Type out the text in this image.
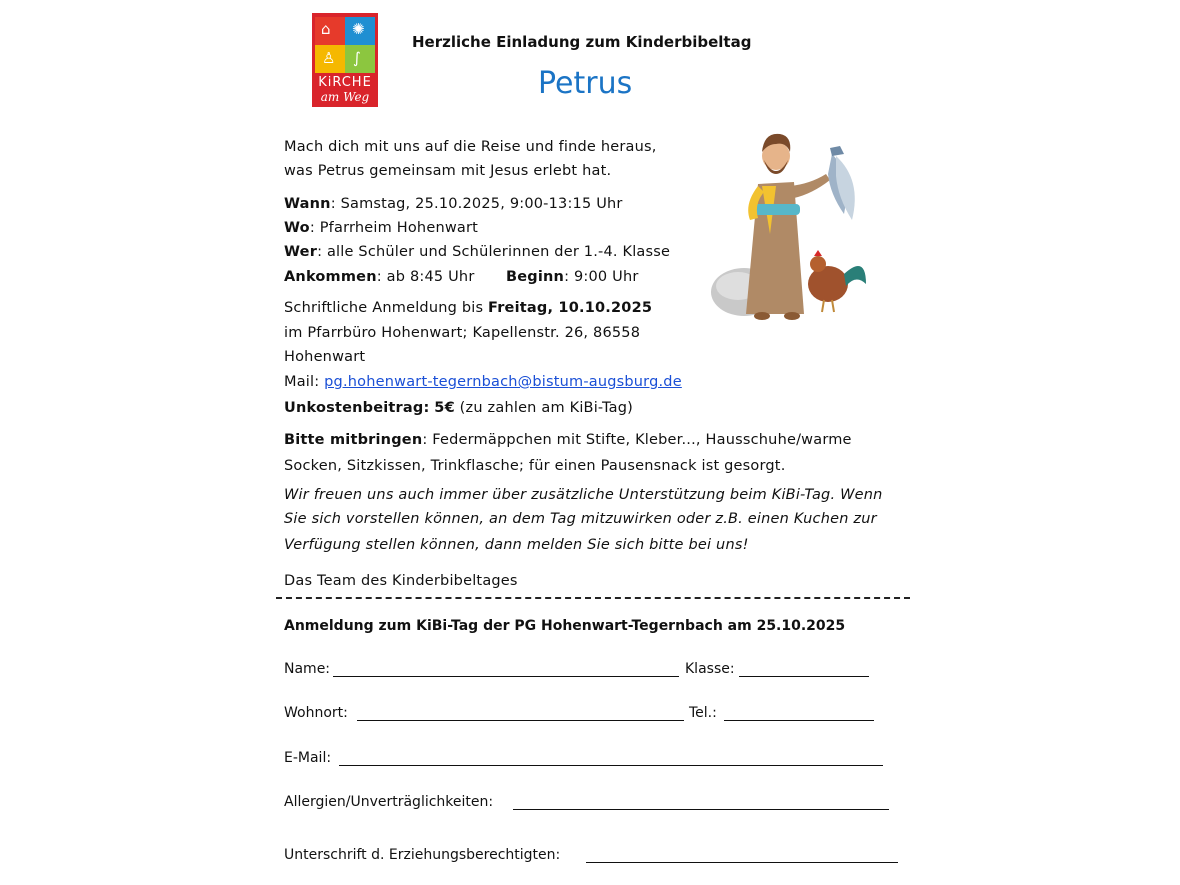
⌂ ✺
♙ ∫
KiRCHE
am Weg
Herzliche Einladung zum Kinderbibeltag
Petrus
Mach dich mit uns auf die Reise und finde heraus,
was Petrus gemeinsam mit Jesus erlebt hat.
Wann: Samstag, 25.10.2025, 9:00-13:15 Uhr
Wo: Pfarrheim Hohenwart
Wer: alle Schüler und Schülerinnen der 1.-4. Klasse
Ankommen: ab 8:45 Uhr Beginn: 9:00 Uhr
Schriftliche Anmeldung bis Freitag, 10.10.2025
im Pfarrbüro Hohenwart; Kapellenstr. 26, 86558
Hohenwart
Mail: pg.hohenwart-tegernbach@bistum-augsburg.de
Unkostenbeitrag: 5€ (zu zahlen am KiBi-Tag)
Bitte mitbringen: Federmäppchen mit Stifte, Kleber..., Hausschuhe/warme
Socken, Sitzkissen, Trinkflasche; für einen Pausensnack ist gesorgt.
Wir freuen uns auch immer über zusätzliche Unterstützung beim KiBi-Tag. Wenn
Sie sich vorstellen können, an dem Tag mitzuwirken oder z.B. einen Kuchen zur
Verfügung stellen können, dann melden Sie sich bitte bei uns!
Das Team des Kinderbibeltages
Anmeldung zum KiBi-Tag der PG Hohenwart-Tegernbach am 25.10.2025
Name:	Klasse:
Wohnort:	Tel.:
E-Mail:
Allergien/Unverträglichkeiten:
Unterschrift d. Erziehungsberechtigten:
